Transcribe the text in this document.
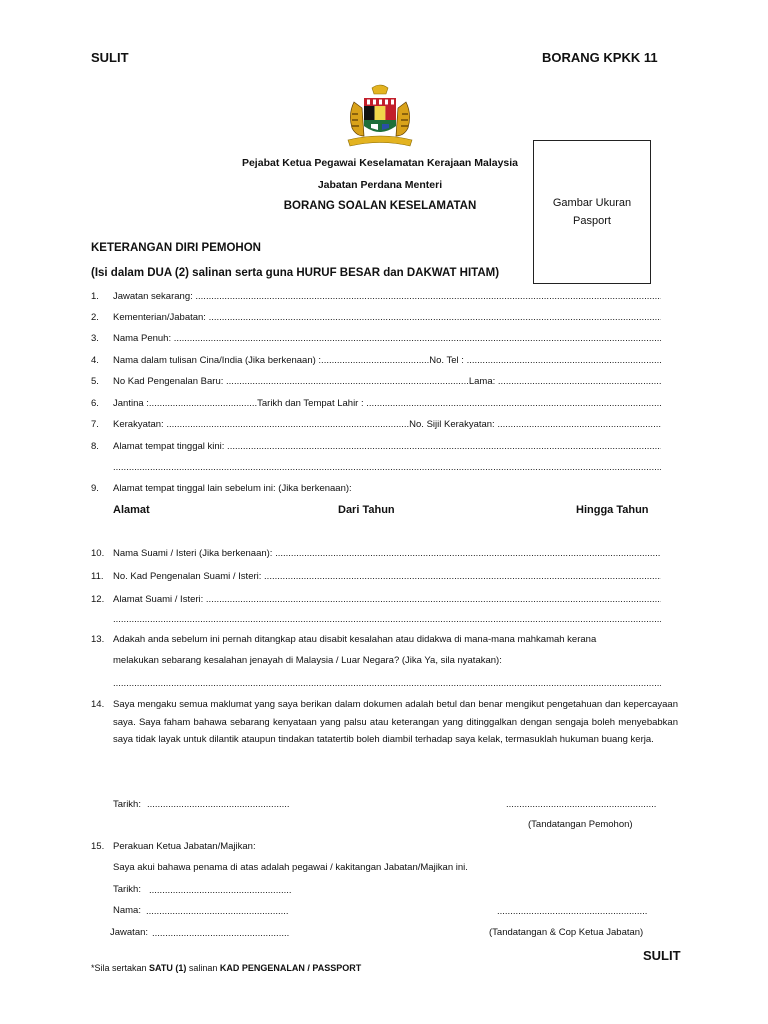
SULIT	BORANG KPKK 11
Pejabat Ketua Pegawai Keselamatan Kerajaan Malaysia
Jabatan Perdana Menteri
BORANG SOALAN KESELAMATAN	Gambar Ukuran
Pasport
KETERANGAN DIRI PEMOHON
(Isi dalam DUA (2) salinan serta guna HURUF BESAR dan DAKWAT HITAM)
1.	Jawatan sekarang: .....
2.	Kementerian/Jabatan: .....
3.	Nama Penuh: .....
4.	Nama dalam tulisan Cina/India (Jika berkenaan) :.........................................No. Tel : .....
5.	No Kad Pengenalan Baru: ............................................................................................Lama: .....
6.	Jantina :.........................................Tarikh dan Tempat Lahir : .....
7.	Kerakyatan: ............................................................................................No. Sijil Kerakyatan: .....
8.	Alamat tempat tinggal kini: .....
.....
9. Alamat tempat tinggal lain sebelum ini: (Jika berkenaan):
Alamat	Dari Tahun	Hingga Tahun
10. Nama Suami / Isteri (Jika berkenaan): .....
11. No. Kad Pengenalan Suami / Isteri: .....
12. Alamat Suami / Isteri: .....
.....
13. Adakah anda sebelum ini pernah ditangkap atau disabit kesalahan atau didakwa di mana-mana mahkamah kerana
melakukan sebarang kesalahan jenayah di Malaysia / Luar Negara? (Jika Ya, sila nyatakan):
.....
14. Saya mengaku semua maklumat yang saya berikan dalam dokumen adalah betul dan benar mengikut pengetahuan dan kepercayaan saya. Saya faham bahawa sebarang kenyataan yang palsu atau keterangan yang ditinggalkan dengan sengaja boleh menyebabkan saya tidak layak untuk dilantik ataupun tindakan tatatertib boleh diambil terhadap saya kelak, termasuklah hukuman buang kerja.
Tarikh:
.....
.....
(Tandatangan Pemohon)
15. Perakuan Ketua Jabatan/Majikan:
Saya akui bahawa penama di atas adalah pegawai / kakitangan Jabatan/Majikan ini.
Tarikh:
.....
Nama:
.....
.....
Jawatan:
.....	(Tandatangan & Cop Ketua Jabatan)
SULIT
*Sila sertakan SATU (1) salinan KAD PENGENALAN / PASSPORT
